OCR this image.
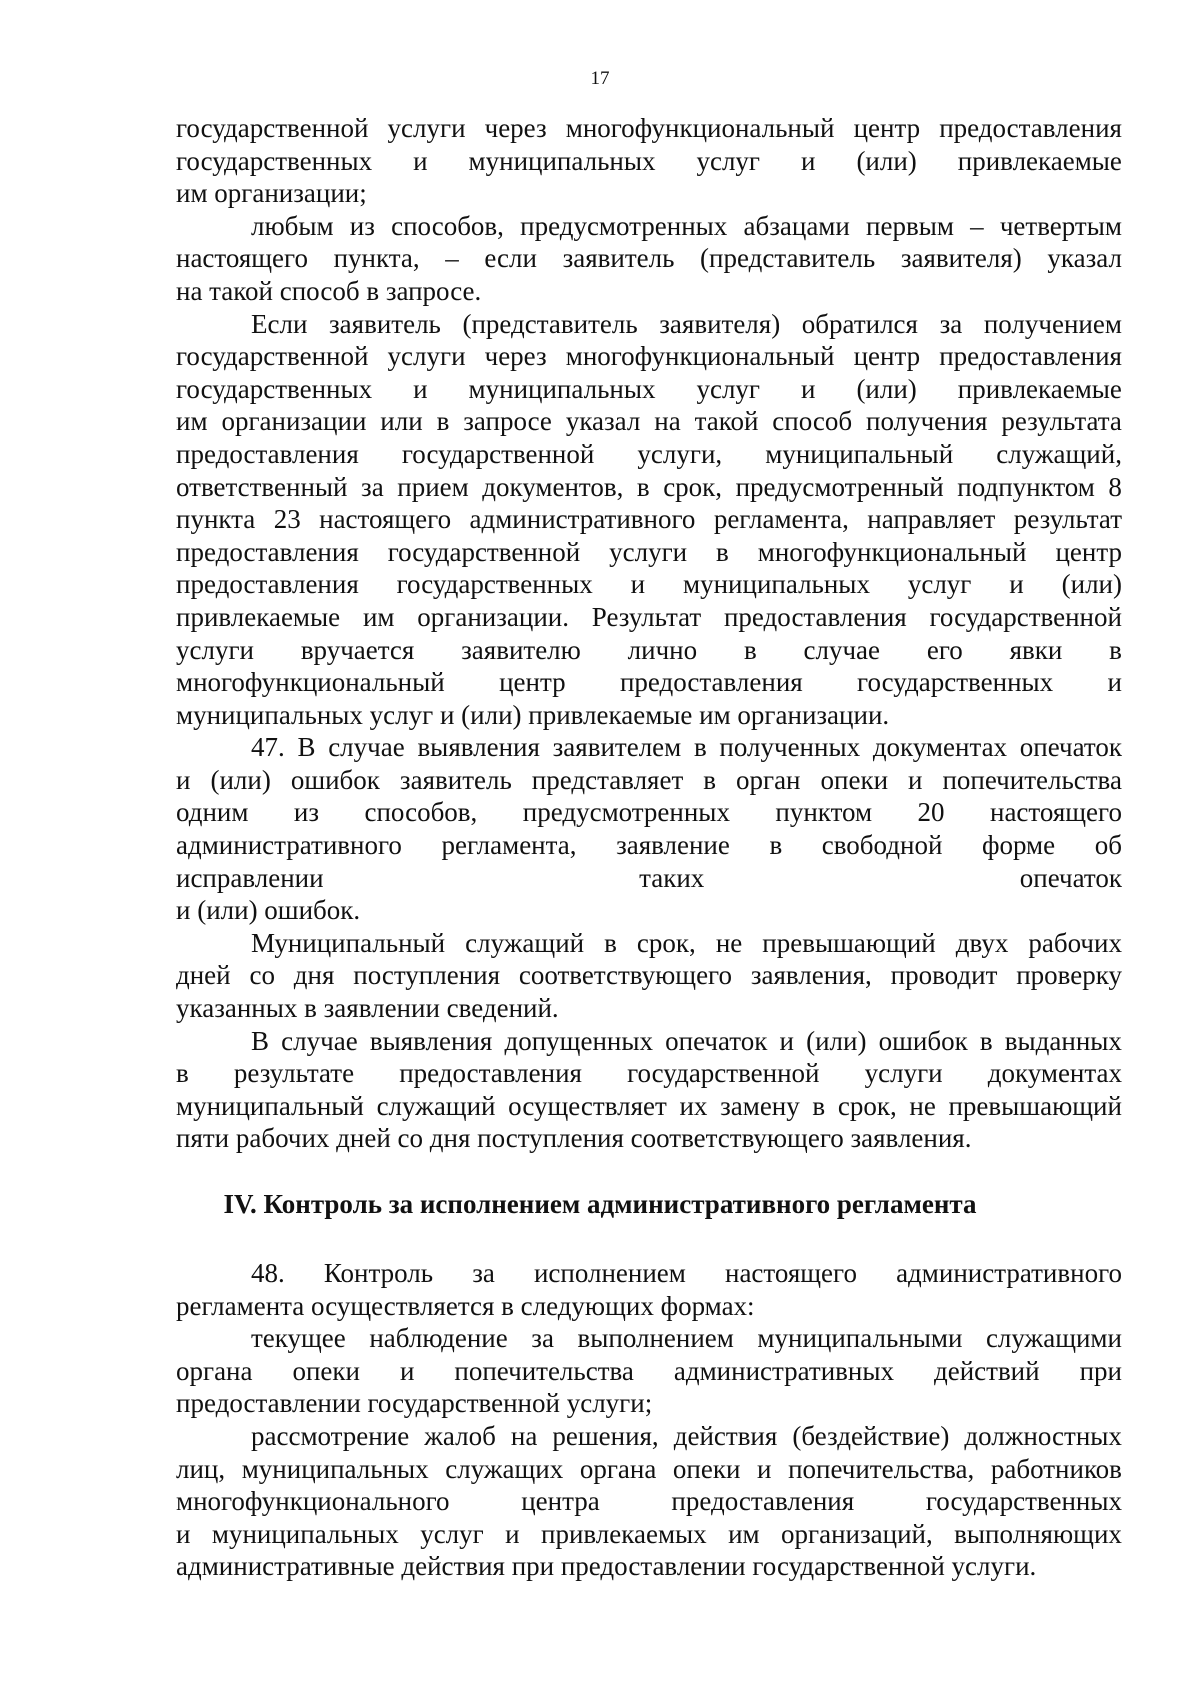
17
государственной услуги через многофункциональный центр предоставления
государственных и муниципальных услуг и (или) привлекаемые
им организации;
любым из способов, предусмотренных абзацами первым – четвертым
настоящего пункта, – если заявитель (представитель заявителя) указал
на такой способ в запросе.
Если заявитель (представитель заявителя) обратился за получением
государственной услуги через многофункциональный центр предоставления
государственных и муниципальных услуг и (или) привлекаемые
им организации или в запросе указал на такой способ получения результата
предоставления государственной услуги, муниципальный служащий,
ответственный за прием документов, в срок, предусмотренный подпунктом 8
пункта 23 настоящего административного регламента, направляет результат
предоставления государственной услуги в многофункциональный центр
предоставления государственных и муниципальных услуг и (или)
привлекаемые им организации. Результат предоставления государственной
услуги вручается заявителю лично в случае его явки в
многофункциональный центр предоставления государственных и
муниципальных услуг и (или) привлекаемые им организации.
47. В случае выявления заявителем в полученных документах опечаток
и (или) ошибок заявитель представляет в орган опеки и попечительства
одним из способов, предусмотренных пунктом 20 настоящего
административного регламента, заявление в свободной форме об
исправлении	таких	опечаток
и (или) ошибок.
Муниципальный служащий в срок, не превышающий двух рабочих
дней со дня поступления соответствующего заявления, проводит проверку
указанных в заявлении сведений.
В случае выявления допущенных опечаток и (или) ошибок в выданных
в результате предоставления государственной услуги документах
муниципальный служащий осуществляет их замену в срок, не превышающий
пяти рабочих дней со дня поступления соответствующего заявления.
IV. Контроль за исполнением административного регламента
48. Контроль за исполнением настоящего административного
регламента осуществляется в следующих формах:
текущее наблюдение за выполнением муниципальными служащими
органа опеки и попечительства административных действий при
предоставлении государственной услуги;
рассмотрение жалоб на решения, действия (бездействие) должностных
лиц, муниципальных служащих органа опеки и попечительства, работников
многофункционального	центра	предоставления	государственных
и муниципальных услуг и привлекаемых им организаций, выполняющих
административные действия при предоставлении государственной услуги.
